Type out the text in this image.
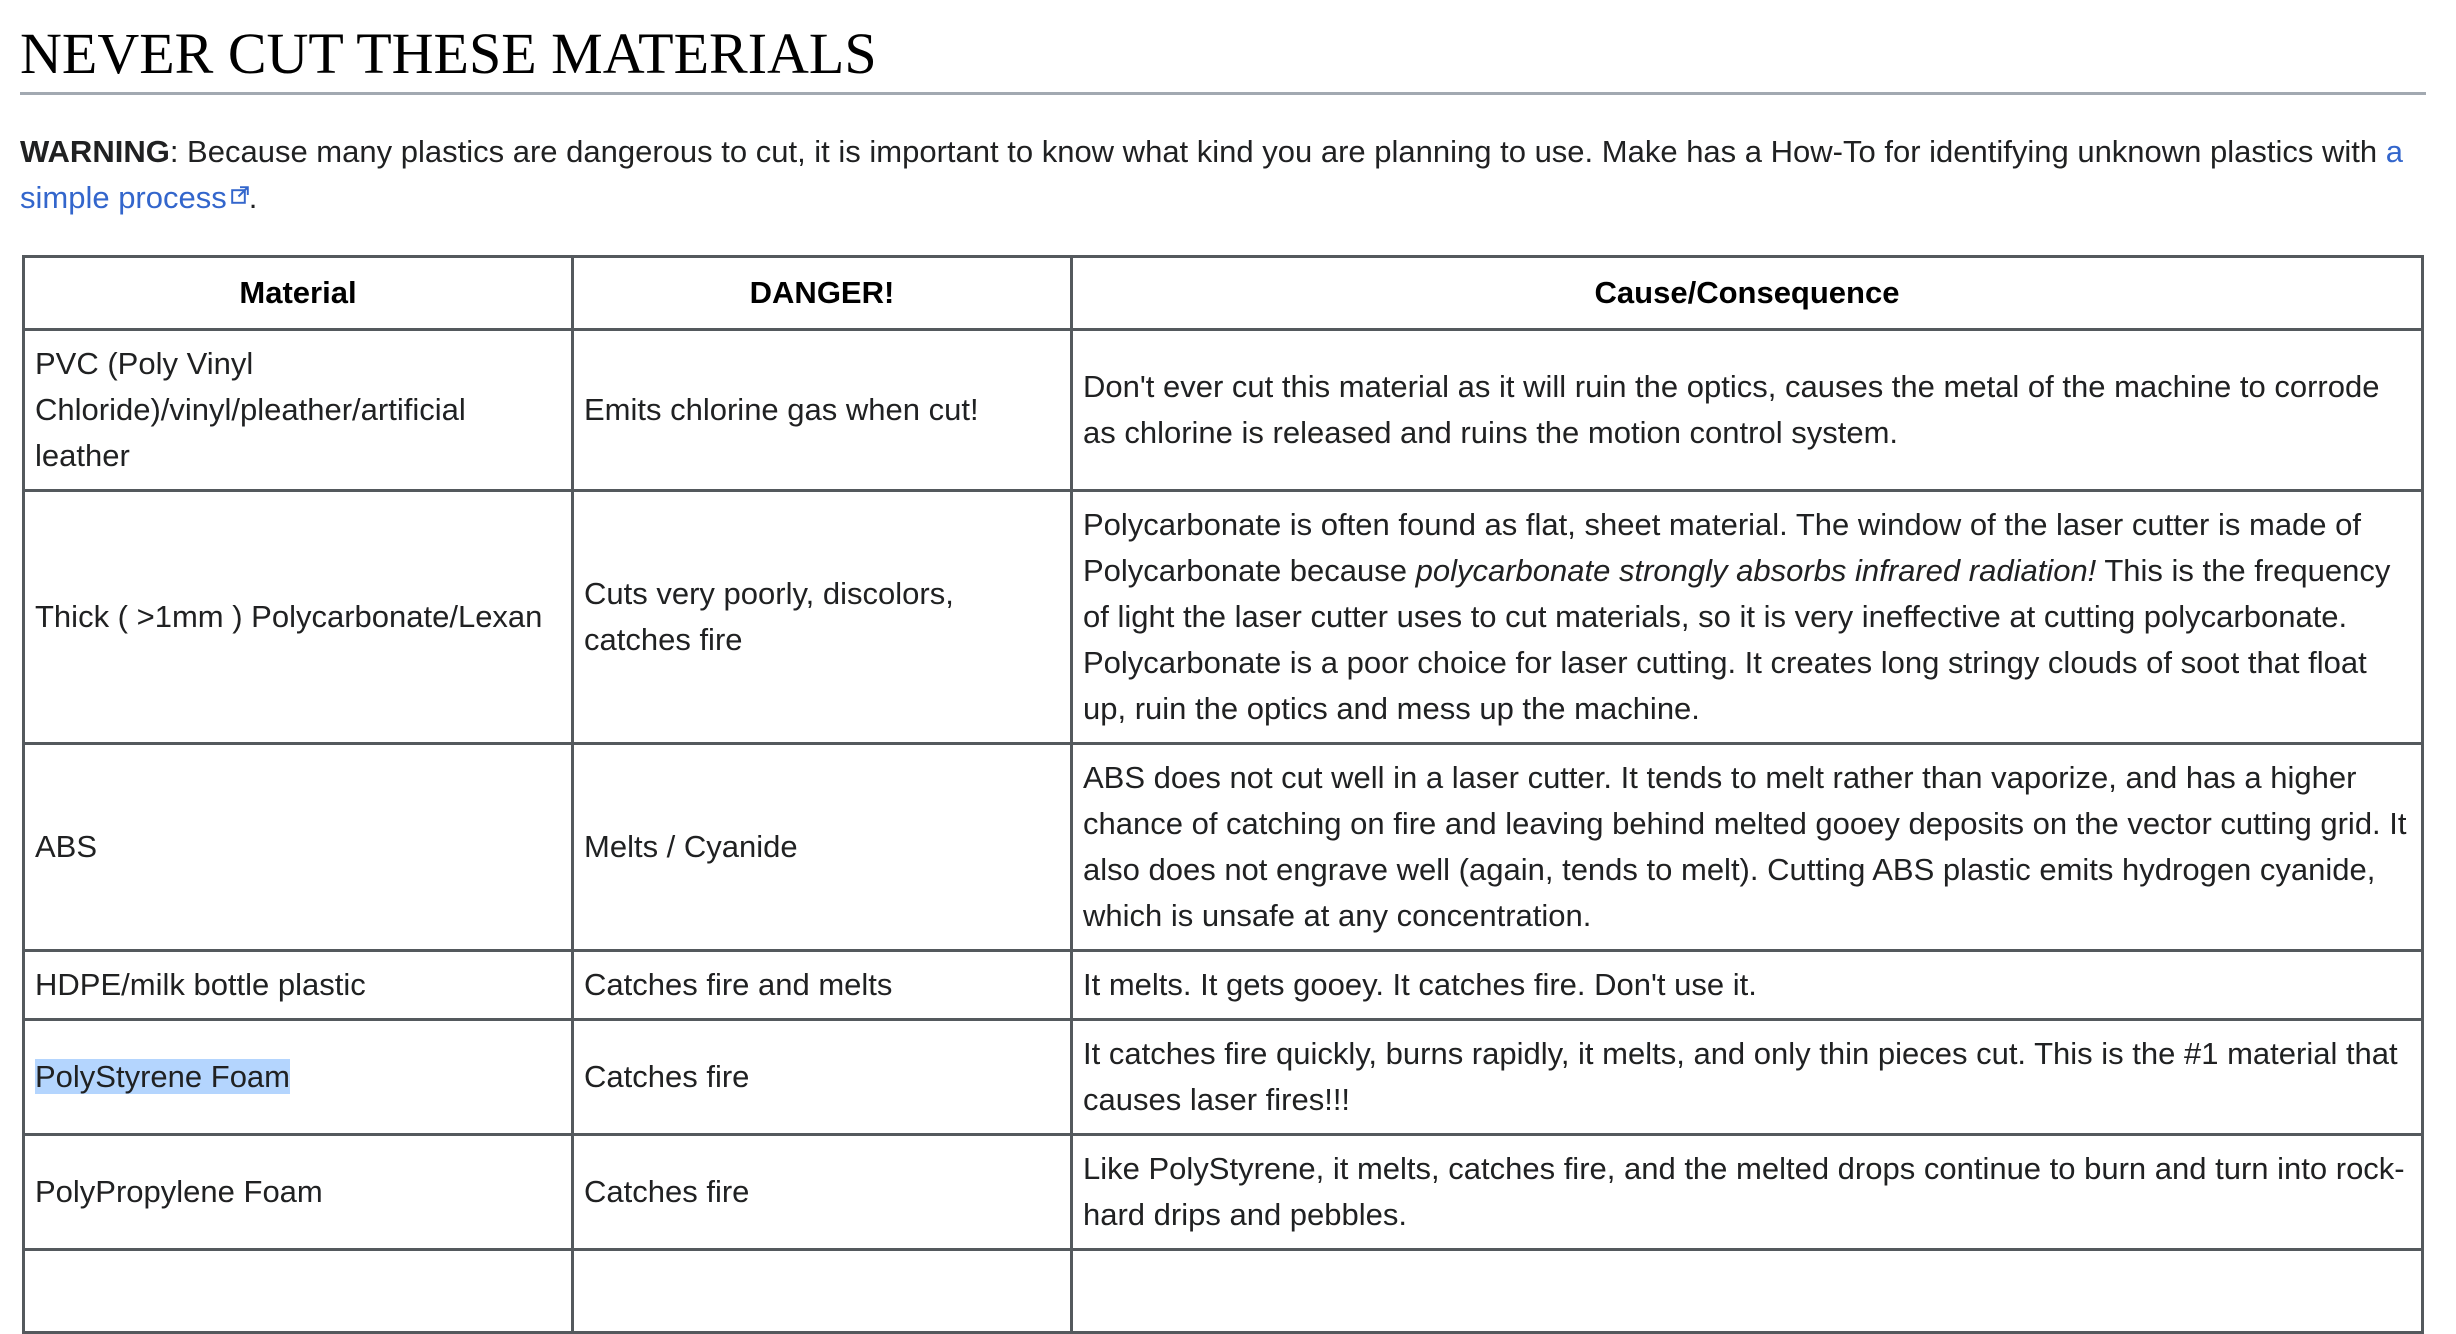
NEVER CUT THESE MATERIALS

WARNING: Because many plastics are dangerous to cut, it is important to know what kind you are planning to use. Make has a How-To for identifying unknown plastics with a simple process .

Material	DANGER!	Cause/Consequence
PVC (Poly Vinyl Chloride)/vinyl/pleather/artificial leather	Emits chlorine gas when cut!	Don't ever cut this material as it will ruin the optics, causes the metal of the machine to corrode as chlorine is released and ruins the motion control system.
Thick ( >1mm ) Polycarbonate/Lexan	Cuts very poorly, discolors, catches fire	Polycarbonate is often found as flat, sheet material. The window of the laser cutter is made of Polycarbonate because polycarbonate strongly absorbs infrared radiation! This is the frequency of light the laser cutter uses to cut materials, so it is very ineffective at cutting polycarbonate. Polycarbonate is a poor choice for laser cutting. It creates long stringy clouds of soot that float up, ruin the optics and mess up the machine.
ABS	Melts / Cyanide	ABS does not cut well in a laser cutter. It tends to melt rather than vaporize, and has a higher chance of catching on fire and leaving behind melted gooey deposits on the vector cutting grid. It also does not engrave well (again, tends to melt). Cutting ABS plastic emits hydrogen cyanide, which is unsafe at any concentration.
HDPE/milk bottle plastic	Catches fire and melts	It melts. It gets gooey. It catches fire. Don't use it.
PolyStyrene Foam	Catches fire	It catches fire quickly, burns rapidly, it melts, and only thin pieces cut. This is the #1 material that causes laser fires!!!
PolyPropylene Foam	Catches fire	Like PolyStyrene, it melts, catches fire, and the melted drops continue to burn and turn into rock-hard drips and pebbles.
